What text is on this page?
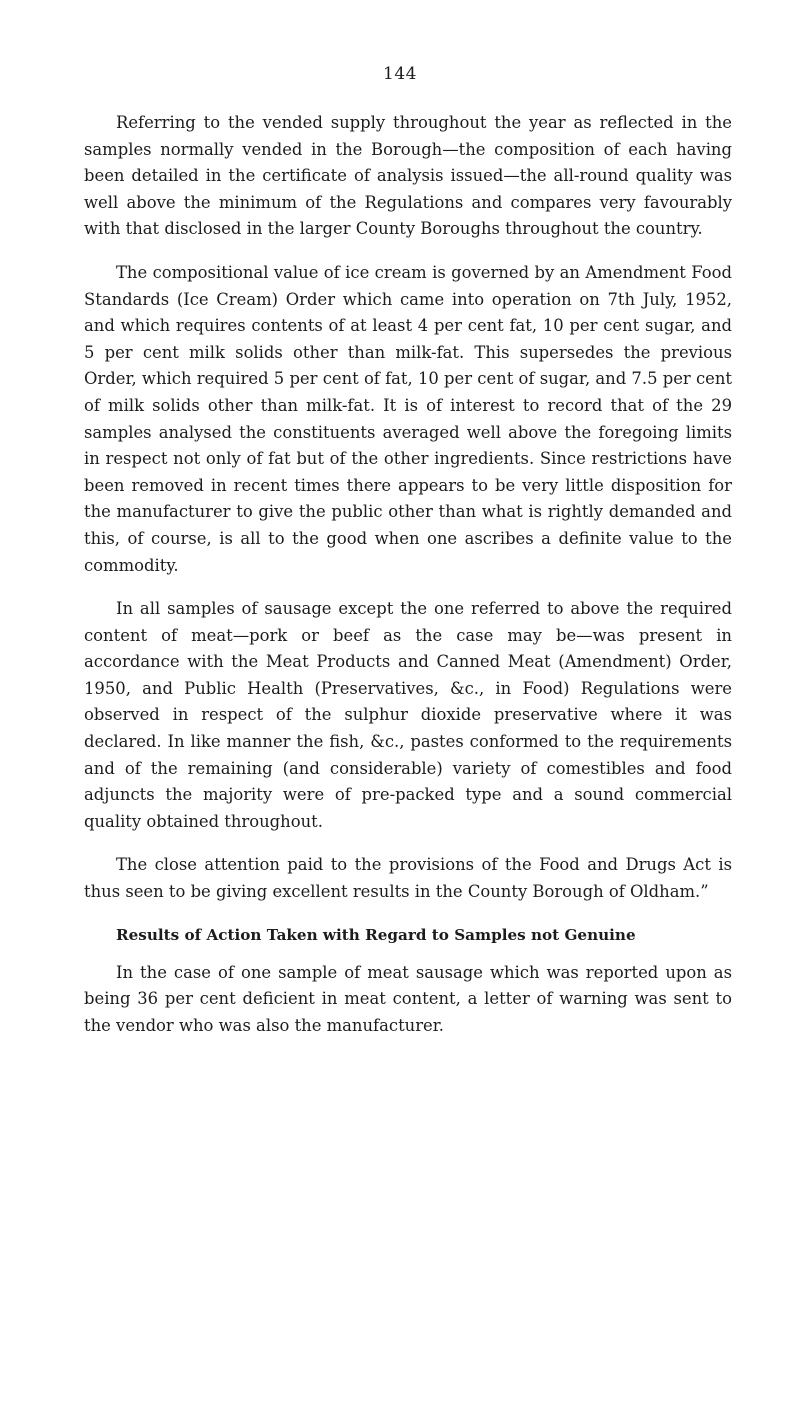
144

Referring to the vended supply throughout the year as reflected in the samples normally vended in the Borough—the composition of each having been detailed in the certificate of analysis issued—the all-round quality was well above the minimum of the Regulations and compares very favourably with that disclosed in the larger County Boroughs throughout the country.

The compositional value of ice cream is governed by an Amendment Food Standards (Ice Cream) Order which came into operation on 7th July, 1952, and which requires contents of at least 4 per cent fat, 10 per cent sugar, and 5 per cent milk solids other than milk-fat. This supersedes the previous Order, which required 5 per cent of fat, 10 per cent of sugar, and 7.5 per cent of milk solids other than milk-fat. It is of interest to record that of the 29 samples analysed the constituents averaged well above the foregoing limits in respect not only of fat but of the other ingredients. Since restrictions have been removed in recent times there appears to be very little disposition for the manufacturer to give the public other than what is rightly demanded and this, of course, is all to the good when one ascribes a definite value to the commodity.

In all samples of sausage except the one referred to above the required content of meat—pork or beef as the case may be—was present in accordance with the Meat Products and Canned Meat (Amendment) Order, 1950, and Public Health (Preservatives, &c., in Food) Regulations were observed in respect of the sulphur dioxide preservative where it was declared. In like manner the fish, &c., pastes conformed to the requirements and of the remaining (and considerable) variety of comestibles and food adjuncts the majority were of pre-packed type and a sound commercial quality obtained throughout.

The close attention paid to the provisions of the Food and Drugs Act is thus seen to be giving excellent results in the County Borough of Oldham.”

Results of Action Taken with Regard to Samples not Genuine

In the case of one sample of meat sausage which was reported upon as being 36 per cent deficient in meat content, a letter of warning was sent to the vendor who was also the manufacturer.
